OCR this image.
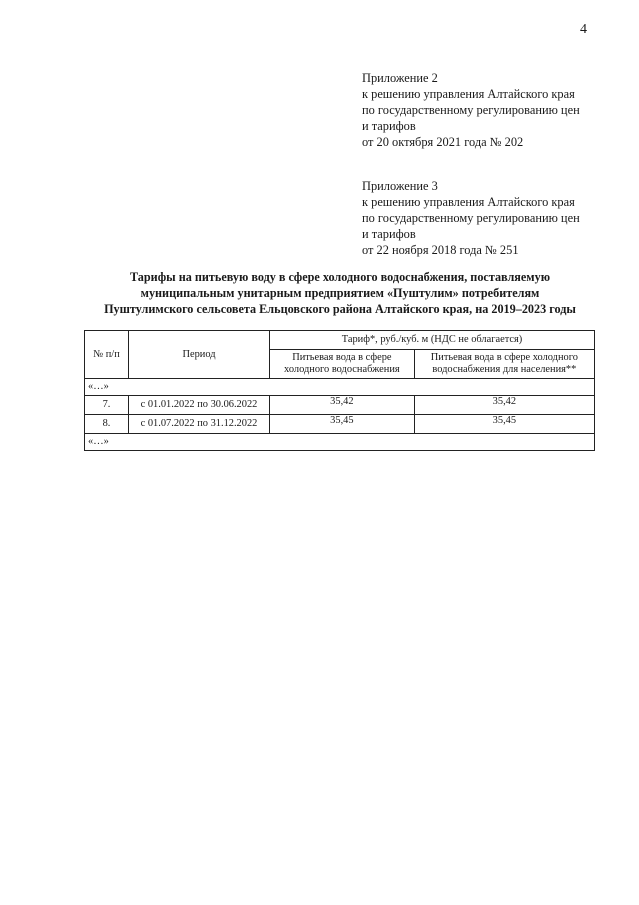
4
Приложение 2
к решению управления Алтайского края
по государственному регулированию цен
и тарифов
от 20 октября 2021 года № 202
Приложение 3
к решению управления Алтайского края
по государственному регулированию цен
и тарифов
от 22 ноября 2018 года № 251
Тарифы на питьевую воду в сфере холодного водоснабжения, поставляемую
муниципальным унитарным предприятием «Пуштулим» потребителям
Пуштулимского сельсовета Ельцовского района Алтайского края, на 2019–2023 годы
№ п/п	Период	Тариф*, руб./куб. м (НДС не облагается)	
		Питьевая вода в сфере холодного водоснабжения	Питьевая вода в сфере холодного водоснабжения для населения**
«…»			
7.	с 01.01.2022 по 30.06.2022	35,42	35,42
8.	с 01.07.2022 по 31.12.2022	35,45	35,45
«…»			
